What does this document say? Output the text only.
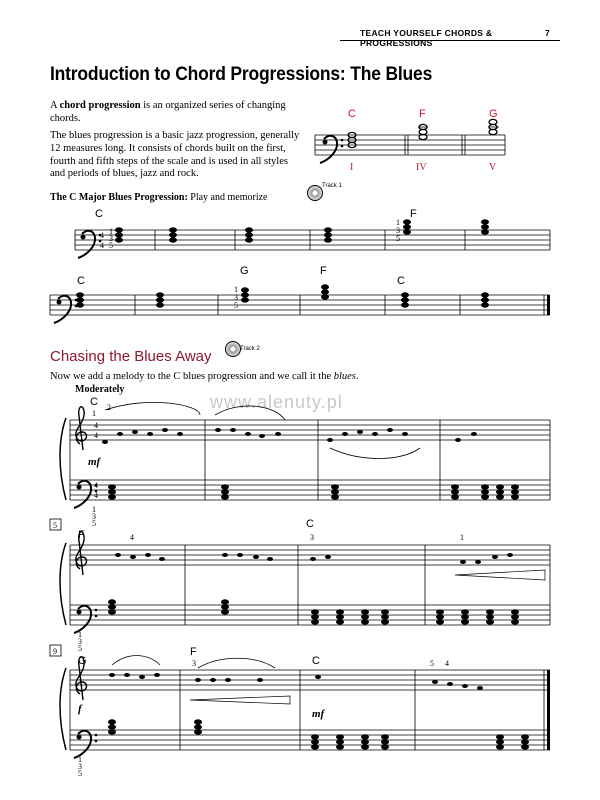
TEACH YOURSELF CHORDS & PROGRESSIONS
7
Introduction to Chord Progressions: The Blues
A chord progression is an organized series of changing chords.
The blues progression is a basic jazz progression, generally 12 measures long. It consists of chords built on the first, fourth and fifth steps of the scale and is used in all styles and periods of blues, jazz and rock.
The C Major Blues Progression: Play and memorize
Track 1
Chasing the Blues Away	Track 2
Now we add a melody to the C blues progression and we call it the blues.
Moderately
www.alenuty.pl
C	F	G
I	IV	V
4
4
1
3
5
1
3
5
C	F
1
3
5
C
G	F
C
4
4
4
4
mf
C
1
2
1
3
5
5
F
C
4	3	1
1
3
5
9
f	mf
G
F
C
3	5 4
1
3
5
